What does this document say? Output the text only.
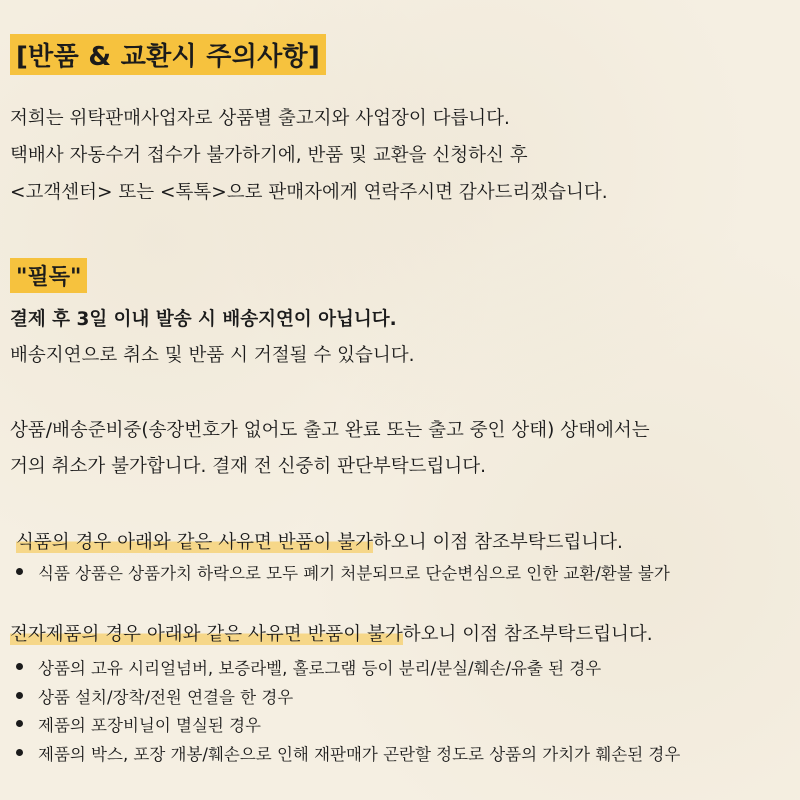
[반품 & 교환시 주의사항]
저희는 위탁판매사업자로 상품별 출고지와 사업장이 다릅니다.
택배사 자동수거 접수가 불가하기에, 반품 및 교환을 신청하신 후
<고객센터> 또는 <톡톡>으로 판매자에게 연락주시면 감사드리겠습니다.
"필독"
결제 후 3일 이내 발송 시 배송지연이 아닙니다.
배송지연으로 취소 및 반품 시 거절될 수 있습니다.
상품/배송준비중(송장번호가 없어도 출고 완료 또는 출고 중인 상태) 상태에서는
거의 취소가 불가합니다. 결재 전 신중히 판단부탁드립니다.
식품의 경우 아래와 같은 사유면 반품이 불가하오니 이점 참조부탁드립니다.
식품 상품은 상품가치 하락으로 모두 폐기 처분되므로 단순변심으로 인한 교환/환불 불가
전자제품의 경우 아래와 같은 사유면 반품이 불가하오니 이점 참조부탁드립니다.
상품의 고유 시리얼넘버, 보증라벨, 홀로그램 등이 분리/분실/훼손/유출 된 경우
상품 설치/장착/전원 연결을 한 경우
제품의 포장비닐이 멸실된 경우
제품의 박스, 포장 개봉/훼손으로 인해 재판매가 곤란할 정도로 상품의 가치가 훼손된 경우
